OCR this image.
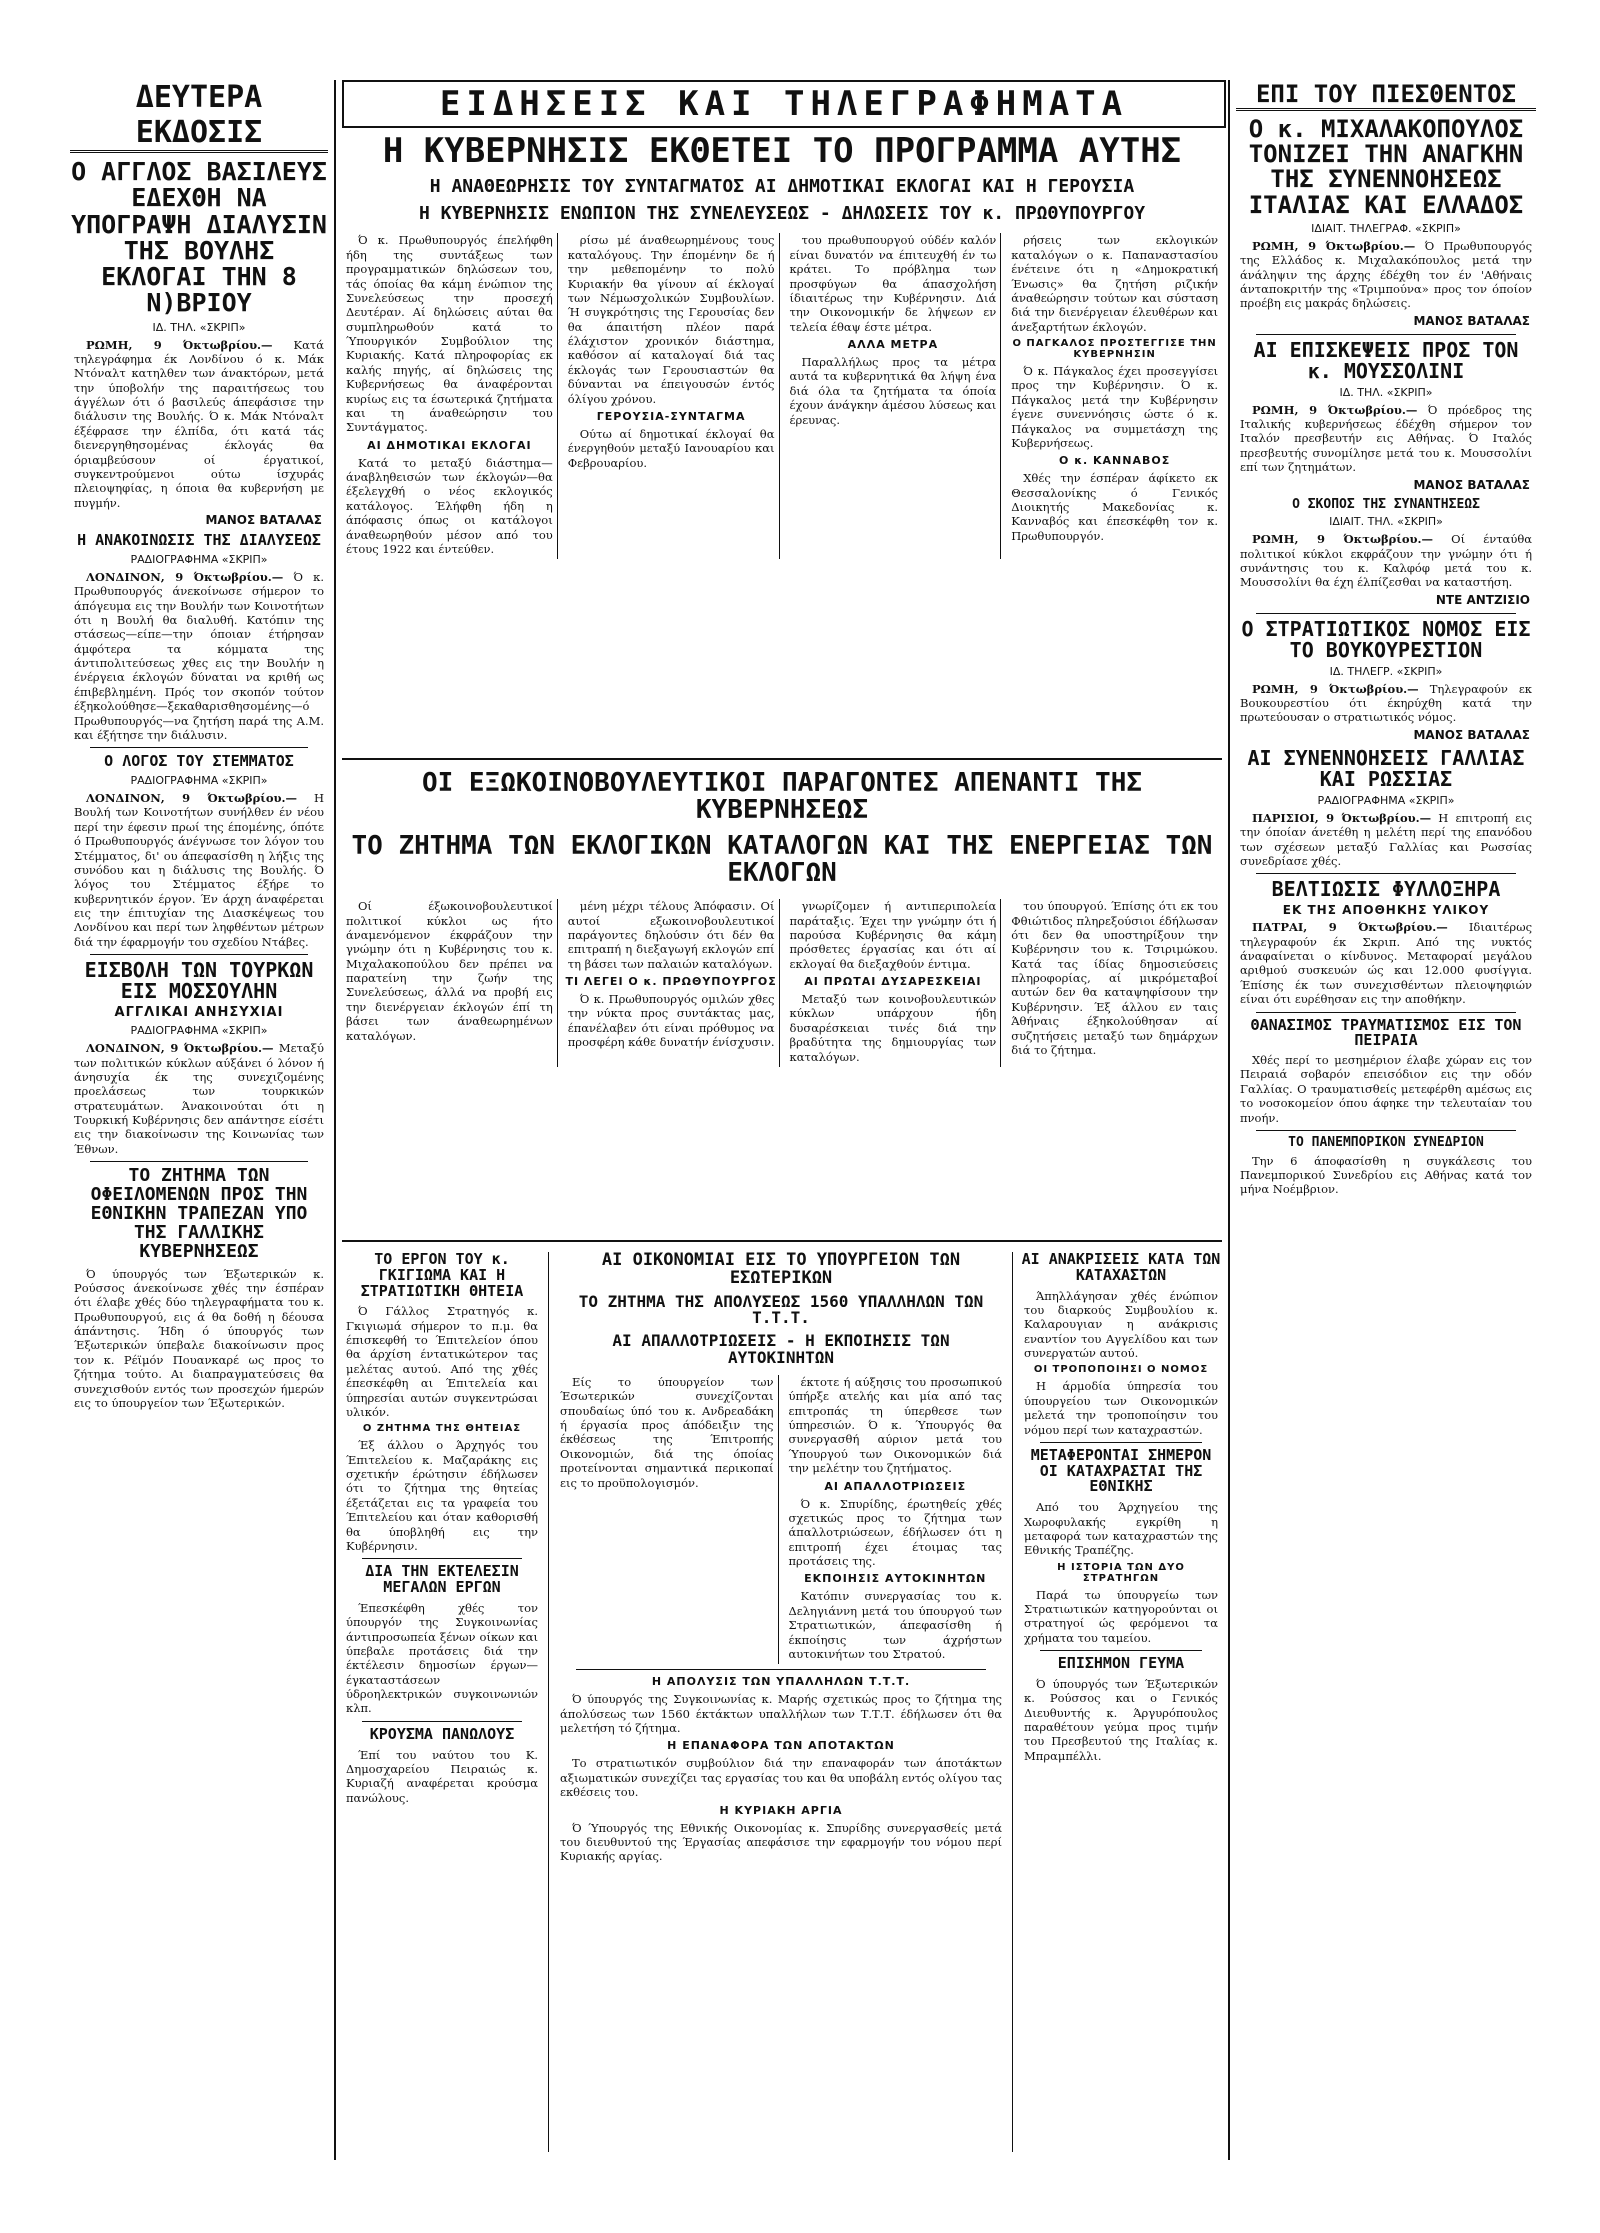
ΔΕΥΤΕΡΑ ΕΚΔΟΣΙΣ
Ο ΑΓΓΛΟΣ ΒΑΣΙΛΕΥΣ ΕΔΕΧΘΗ ΝΑ ΥΠΟΓΡΑΨΗ ΔΙΑΛΥΣΙΝ ΤΗΣ ΒΟΥΛΗΣ ΕΚΛΟΓΑΙ ΤΗΝ 8 Ν)ΒΡΙΟΥ
ΙΔ. ΤΗΛ. «ΣΚΡΙΠ»

ΡΩΜΗ, 9 Όκτωβρίου.— Κατά τηλεγράφημα έκ Λονδίνου ό κ. Μάκ Ντόναλτ κατηλθεν των άνακτόρων, μετά την ύποβολήν της παραιτήσεως του άγγέλων ότι ό βασιλεύς άπεφάσισε την διάλυσιν της Βουλής. Ό κ. Μάκ Ντόναλτ έξέφρασε την έλπίδα, ότι κατά τάς διενεργηθησομένας έκλογάς θα όριαμβεύσουν οί έργατικοί, συγκεντρούμενοι ούτω ίσχυράς πλειοψηφίας, η όποια θα κυβερνήση με πυγμήν.

ΜΑΝΟΣ ΒΑΤΑΛΑΣ
Η ΑΝΑΚΟΙΝΩΣΙΣ ΤΗΣ ΔΙΑΛΥΣΕΩΣ
ΡΑΔΙΟΓΡΑΦΗΜΑ «ΣΚΡΙΠ»

ΛΟΝΔΙΝΟΝ, 9 Όκτωβρίου.— Ό κ. Πρωθυπουργός άνεκοίνωσε σήμερον το άπόγευμα εις την Βουλήν των Κοινοτήτων ότι η Βουλή θα διαλυθή. Κατόπιν της στάσεως—είπε—την όποιαν έτήρησαν άμφότερα τα κόμματα της άντιπολιτεύσεως χθες εις την Βουλήν η ένέργεια έκλογών δύναται να κριθή ως έπιβεβλημένη. Πρός τον σκοπόν τούτον έξηκολούθησε—ξεκαθαρισθησομένης—ό Πρωθυπουργός—να ζητήση παρά της Α.Μ. και έξήτησε την διάλυσιν.

Ο ΛΟΓΟΣ ΤΟΥ ΣΤΕΜΜΑΤΟΣ
ΡΑΔΙΟΓΡΑΦΗΜΑ «ΣΚΡΙΠ»

ΛΟΝΔΙΝΟΝ, 9 Όκτωβρίου.— Η Βουλή των Κοινοτήτων συνήλθεν έν νέου περί την έφεσιν πρωί της έπομένης, όπότε ό Πρωθυπουργός άνέγνωσε τον λόγον του Στέμματος, δι' ου άπεφασίσθη η λήξις της συνόδου και η διάλυσις της Βουλής. Ό λόγος του Στέμματος έξήρε το κυβερνητικόν έργον. Έν άρχη άναφέρεται εις την έπιτυχίαν της Διασκέψεως του Λονδίνου και περί των ληφθέντων μέτρων διά την έφαρμογήν του σχεδίου Ντάβες.

ΕΙΣΒΟΛΗ ΤΩΝ ΤΟΥΡΚΩΝ ΕΙΣ ΜΟΣΣΟΥΛΗΝ
ΑΓΓΛΙΚΑΙ ΑΝΗΣΥΧΙΑΙ
ΡΑΔΙΟΓΡΑΦΗΜΑ «ΣΚΡΙΠ»

ΛΟΝΔΙΝΟΝ, 9 Όκτωβρίου.— Μεταξύ των πολιτικών κύκλων αύξάνει ό λόνον ή άνησυχία έκ της συνεχιζομένης προελάσεως των τουρκικών στρατευμάτων. Άνακοινούται ότι η Τουρκική Κυβέρνησις δεν απάντησε είσέτι εις την διακοίνωσιν της Κοινωνίας των Έθνων.

ΤΟ ΖΗΤΗΜΑ ΤΩΝ ΟΦΕΙΛΟΜΕΝΩΝ ΠΡΟΣ ΤΗΝ ΕΘΝΙΚΗΝ ΤΡΑΠΕΖΑΝ ΥΠΟ ΤΗΣ ΓΑΛΛΙΚΗΣ ΚΥΒΕΡΝΗΣΕΩΣ

Ό ύπουργός των Έξωτερικών κ. Ρούσσος άνεκοίνωσε χθές την έσπέραν ότι έλαβε χθές δύο τηλεγραφήματα του κ. Πρωθυπουργού, εις ά θα δοθή η δέουσα άπάντησις. Ήδη ό ύπουργός των Έξωτερικών ύπεβαλε διακοίνωσιν προς τον κ. Ρέϊμόν Πουανκαρέ ως προς το ζήτημα τούτο. Αι διαπραγματεύσεις θα συνεχισθούν εντός των προσεχών ήμερών εις το ύπουργείον των Έξωτερικών.

ΕΙΔΗΣΕΙΣ ΚΑΙ ΤΗΛΕΓΡΑΦΗΜΑΤΑ
Η ΚΥΒΕΡΝΗΣΙΣ ΕΚΘΕΤΕΙ ΤΟ ΠΡΟΓΡΑΜΜΑ ΑΥΤΗΣ
Η ΑΝΑΘΕΩΡΗΣΙΣ ΤΟΥ ΣΥΝΤΑΓΜΑΤΟΣ ΑΙ ΔΗΜΟΤΙΚΑΙ ΕΚΛΟΓΑΙ ΚΑΙ Η ΓΕΡΟΥΣΙΑ
Η ΚΥΒΕΡΝΗΣΙΣ ΕΝΩΠΙΟΝ ΤΗΣ ΣΥΝΕΛΕΥΣΕΩΣ - ΔΗΛΩΣΕΙΣ ΤΟΥ κ. ΠΡΩΘΥΠΟΥΡΓΟΥ

Ό κ. Πρωθυπουργός έπελήφθη ήδη της συντάξεως των προγραμματικών δηλώσεων του, τάς όποίας θα κάμη ένώπιον της Συνελεύσεως την προσεχή Δευτέραν. Αί δηλώσεις αύται θα συμπληρωθούν κατά το Ύπουργικόν Συμβούλιον της Κυριακής. Κατά πληροφορίας εκ καλής πηγής, αί δηλώσεις της Κυβερνήσεως θα άναφέρονται κυρίως εις τα έσωτερικά ζητήματα και τη άναθεώρησιν του Συντάγματος.

ΑΙ ΔΗΜΟΤΙΚΑΙ ΕΚΛΟΓΑΙ

Κατά το μεταξύ διάστημα—άναβληθεισών των έκλογών—θα έξελεγχθή ο νέος εκλογικός κατάλογος. Έλήφθη ήδη η άπόφασις όπως οι κατάλογοι άναθεωρηθούν μέσον από του έτους 1922 και έντεύθεν.

ρίσω μέ άναθεωρημένους τους καταλόγους. Την έπομένην δε ή την μεθεπομένην το πολύ Κυριακήν θα γίνουν αί έκλογαί των Νέμωσχολικών Συμβουλίων. Ή συγκρότησις της Γερουσίας δεν θα άπαιτήση πλέον παρά έλάχιστον χρονικόν διάστημα, καθόσον αί καταλογαί διά τας έκλογάς των Γερουσιαστών θα δύνανται να έπειγουσών έντός όλίγου χρόνου.

ΓΕΡΟΥΣΙΑ-ΣΥΝΤΑΓΜΑ

Ούτω αί δημοτικαί έκλογαί θα ένεργηθούν μεταξύ Ιανουαρίου και Φεβρουαρίου.

του πρωθυπουργού ούδέν καλόν είναι δυνατόν να έπιτευχθή έν τω κράτει. Το πρόβλημα των προσφύγων θα άπασχολήση ίδιαιτέρως την Κυβέρνησιν. Διά την Οικονομικήν δε λήψεων εν τελεία έθαψ έστε μέτρα.

ΑΛΛΑ ΜΕΤΡΑ

Παραλλήλως προς τα μέτρα αυτά τα κυβερνητικά θα λήψη ένα διά όλα τα ζητήματα τα όποία έχουν άνάγκην άμέσου λύσεως και έρευνας.

ρήσεις των εκλογικών καταλόγων ο κ. Παπαναστασίου ένέτεινε ότι η «Δημοκρατική Ένωσις» θα ζητήση ριζικήν άναθεώρησιν τούτων και σύσταση διά την διενέργειαν έλευθέρων και άνεξαρτήτων έκλογών.

Ο ΠΑΓΚΑΛΟΣ ΠΡΟΣΤΕΓΓΙΣΕ ΤΗΝ ΚΥΒΕΡΝΗΣΙΝ

Ό κ. Πάγκαλος έχει προσεγγίσει προς την Κυβέρνησιν. Ό κ. Πάγκαλος μετά την Κυβέρνησιν έγενε συνεννόησις ώστε ό κ. Πάγκαλος να συμμετάσχη της Κυβερνήσεως.

Ο κ. ΚΑΝΝΑΒΟΣ

Χθές την έσπέραν άφίκετο εκ Θεσσαλονίκης ό Γενικός Διοικητής Μακεδονίας κ. Κανναβός και έπεσκέφθη τον κ. Πρωθυπουργόν.

ΟΙ ΕΞΩΚΟΙΝΟΒΟΥΛΕΥΤΙΚΟΙ ΠΑΡΑΓΟΝΤΕΣ ΑΠΕΝΑΝΤΙ ΤΗΣ ΚΥΒΕΡΝΗΣΕΩΣ
ΤΟ ΖΗΤΗΜΑ ΤΩΝ ΕΚΛΟΓΙΚΩΝ ΚΑΤΑΛΟΓΩΝ ΚΑΙ ΤΗΣ ΕΝΕΡΓΕΙΑΣ ΤΩΝ ΕΚΛΟΓΩΝ

Οί έξωκοινοβουλευτικοί πολιτικοί κύκλοι ως ήτο άναμενόμενον έκφράζουν την γνώμην ότι η Κυβέρνησις του κ. Μιχαλακοπούλου δεν πρέπει να παρατείνη την ζωήν της Συνελεύσεως, άλλά να προβή εις την διενέργειαν έκλογών έπί τη βάσει των άναθεωρημένων καταλόγων.

μένη μέχρι τέλους Άπόφασιν. Οί αυτοί εξωκοινοβουλευτικοί παράγοντες δηλούσιν ότι δέν θα επιτραπή η διεξαγωγή εκλογών επί τη βάσει των παλαιών καταλόγων.

ΤΙ ΛΕΓΕΙ Ο κ. ΠΡΩΘΥΠΟΥΡΓΟΣ

Ό κ. Πρωθυπουργός ομιλών χθες την νύκτα προς συντάκτας μας, έπανέλαβεν ότι είναι πρόθυμος να προσφέρη κάθε δυνατήν ένίσχυσιν.

γνωρίζομεν ή αντιπεριπολεία παράταξις. Έχει την γνώμην ότι ή παρούσα Κυβέρνησις θα κάμη πρόσθετες έργασίας και ότι αί εκλογαί θα διεξαχθούν έντιμα.

ΑΙ ΠΡΩΤΑΙ ΔΥΣΑΡΕΣΚΕΙΑΙ

Μεταξύ των κοινοβουλευτικών κύκλων υπάρχουν ήδη δυσαρέσκειαι τινές διά την βραδύτητα της δημιουργίας των καταλόγων.

του ύπουργού. Έπίσης ότι εκ του Φθιώτιδος πληρεξούσιοι έδήλωσαν ότι δεν θα υποστηρίξουν την Κυβέρνησιν του κ. Τσιριμώκου. Κατά τας ίδίας δημοσιεύσεις πληροφορίας, αί μικρόμεταβοί αυτών δεν θα καταψηφίσουν την Κυβέρνησιν. Έξ άλλου εν ταις Άθήναις έξηκολούθησαν αί συζητήσεις μεταξύ των δημάρχων διά το ζήτημα.

ΤΟ ΕΡΓΟΝ ΤΟΥ κ. ΓΚΙΓΙΩΜΑ ΚΑΙ Η ΣΤΡΑΤΙΩΤΙΚΗ ΘΗΤΕΙΑ

Ό Γάλλος Στρατηγός κ. Γκιγιωμά σήμερον το π.μ. θα έπισκεφθή το Έπιτελείον όπου θα άρχίση έντατικώτερον τας μελέτας αυτού. Από της χθές έπεσκέφθη αι Έπιτελεία και ύπηρεσίαι αυτών συγκεντρώσαι υλικόν.

Ο ΖΗΤΗΜΑ ΤΗΣ ΘΗΤΕΙΑΣ

Έξ άλλου ο Άρχηγός του Έπιτελείου κ. Μαζαράκης εις σχετικήν έρώτησιν έδήλωσεν ότι το ζήτημα της θητείας έξετάζεται εις τα γραφεία του Έπιτελείου και όταν καθορισθή θα ύποβληθή εις την Κυβέρνησιν.

ΔΙΑ ΤΗΝ ΕΚΤΕΛΕΣΙΝ ΜΕΓΑΛΩΝ ΕΡΓΩΝ

Έπεσκέφθη χθές τον ύπουργόν της Συγκοινωνίας άντιπροσωπεία ξένων οίκων και ύπεβαλε προτάσεις διά την έκτέλεσιν δημοσίων έργων—έγκαταστάσεων ύδροηλεκτρικών συγκοινωνιών κλπ.

ΚΡΟΥΣΜΑ ΠΑΝΩΛΟΥΣ

Έπί του ναύτου του Κ. Δημοσχαρείου Πειραιώς κ. Κυριαζή αναφέρεται κρούσμα πανώλους.

ΑΙ ΟΙΚΟΝΟΜΙΑΙ ΕΙΣ ΤΟ ΥΠΟΥΡΓΕΙΟΝ ΤΩΝ ΕΣΩΤΕΡΙΚΩΝ
ΤΟ ΖΗΤΗΜΑ ΤΗΣ ΑΠΟΛΥΣΕΩΣ 1560 ΥΠΑΛΛΗΛΩΝ ΤΩΝ Τ.Τ.Τ.
ΑΙ ΑΠΑΛΛΟΤΡΙΩΣΕΙΣ - Η ΕΚΠΟΙΗΣΙΣ ΤΩΝ ΑΥΤΟΚΙΝΗΤΩΝ

Είς το ύπουργείον των Έσωτερικών συνεχίζονται σπουδαίως ύπό του κ. Ανδρεαδάκη ή έργασία προς άπόδειξιν της έκθέσεως της Έπιτροπής Οικονομιών, διά της όποίας προτείνονται σημαντικά περικοπαί εις το προϋπολογισμόν.

έκτοτε ή αύξησις του προσωπικού ύπήρξε ατελής και μία από τας επιτροπάς τη ύπερθεσε των ύπηρεσιών. Ό κ. Ύπουργός θα συνεργασθή αύριον μετά του Ύπουργού των Οικονομικών διά την μελέτην του ζητήματος.

ΑΙ ΑΠΑΛΛΟΤΡΙΩΣΕΙΣ

Ό κ. Σπυρίδης, έρωτηθείς χθές σχετικώς προς το ζήτημα των άπαλλοτριώσεων, έδήλωσεν ότι η επιτροπή έχει έτοιμας τας προτάσεις της.

ΕΚΠΟΙΗΣΙΣ ΑΥΤΟΚΙΝΗΤΩΝ

Κατόπιν συνεργασίας του κ. Δεληγιάννη μετά του ύπουργού των Στρατιωτικών, άπεφασίσθη ή έκποίησις των άχρήστων αυτοκινήτων του Στρατού.

Η ΑΠΟΛΥΣΙΣ ΤΩΝ ΥΠΑΛΛΗΛΩΝ Τ.Τ.Τ.

Ό ύπουργός της Συγκοινωνίας κ. Μαρής σχετικώς προς το ζήτημα της άπολύσεως των 1560 έκτάκτων υπαλλήλων των Τ.Τ.Τ. έδήλωσεν ότι θα μελετήση τό ζήτημα.

Η ΕΠΑΝΑΦΟΡΑ ΤΩΝ ΑΠΟΤΑΚΤΩΝ

Το στρατιωτικόν συμβούλιον διά την επαναφοράν των άποτάκτων αξιωματικών συνεχίζει τας εργασίας του και θα υποβάλη εντός ολίγου τας εκθέσεις του.

Η ΚΥΡΙΑΚΗ ΑΡΓΙΑ

Ό Ύπουργός της Εθνικής Οικονομίας κ. Σπυρίδης συνεργασθείς μετά του διευθυντού της Έργασίας απεφάσισε την εφαρμογήν του νόμου περί Κυριακής αργίας.

ΑΙ ΑΝΑΚΡΙΣΕΙΣ ΚΑΤΑ ΤΩΝ ΚΑΤΑΧΑΣΤΩΝ

Άπηλλάγησαν χθές ένώπιον του διαρκούς Συμβουλίου κ. Καλαρουγιαν η ανάκρισις εναντίον του Αγγελίδου και των συνεργατών αυτού.

ΟΙ ΤΡΟΠΟΠΟΙΗΣΙ Ο ΝΟΜΟΣ

Η άρμοδία ύπηρεσία του ύπουργείου των Οικονομικών μελετά την τροποποίησιν του νόμου περί των καταχραστών.

ΜΕΤΑΦΕΡΟΝΤΑΙ ΣΗΜΕΡΟΝ ΟΙ ΚΑΤΑΧΡΑΣΤΑΙ ΤΗΣ ΕΘΝΙΚΗΣ

Από του Άρχηγείου της Χωροφυλακής εγκρίθη η μεταφορά των καταχραστών της Εθνικής Τραπέζης.

Η ΙΣΤΟΡΙΑ ΤΩΝ ΔΥΟ ΣΤΡΑΤΗΓΩΝ

Παρά τω ύπουργείω των Στρατιωτικών κατηγορούνται οι στρατηγοί ώς φερόμενοι τα χρήματα του ταμείου.

ΕΠΙΣΗΜΟΝ ΓΕΥΜΑ

Ό ύπουργός των Έξωτερικών κ. Ρούσσος και ο Γενικός Διευθυντής κ. Άργυρόπουλος παραθέτουν γεύμα προς τιμήν του Πρεσβευτού της Ιταλίας κ. Μπραμπέλλι.

ΕΠΙ ΤΟΥ ΠΙΕΣΘΕΝΤΟΣ
Ο κ. ΜΙΧΑΛΑΚΟΠΟΥΛΟΣ ΤΟΝΙΖΕΙ ΤΗΝ ΑΝΑΓΚΗΝ ΤΗΣ ΣΥΝΕΝΝΟΗΣΕΩΣ ΙΤΑΛΙΑΣ ΚΑΙ ΕΛΛΑΔΟΣ
ΙΔΙΑΙΤ. ΤΗΛΕΓΡΑΦ. «ΣΚΡΙΠ»

ΡΩΜΗ, 9 Όκτωβρίου.— Ό Πρωθυπουργός της Ελλάδος κ. Μιχαλακόπουλος μετά την άνάληψιν της άρχης έδέχθη τον έν 'Αθήναις άνταποκριτήν της «Τριμπούνα» προς τον όποίον προέβη εις μακράς δηλώσεις.

ΜΑΝΟΣ ΒΑΤΑΛΑΣ
ΑΙ ΕΠΙΣΚΕΨΕΙΣ ΠΡΟΣ ΤΟΝ κ. ΜΟΥΣΣΟΛΙΝΙ
ΙΔ. ΤΗΛ. «ΣΚΡΙΠ»

ΡΩΜΗ, 9 Όκτωβρίου.— Ό πρόεδρος της Ιταλικής κυβερνήσεως έδέχθη σήμερον τον Ιταλόν πρεσβευτήν εις Αθήνας. Ό Ιταλός πρεσβευτής συνομίλησε μετά του κ. Μουσσολίνι επί των ζητημάτων.

ΜΑΝΟΣ ΒΑΤΑΛΑΣ
Ο ΣΚΟΠΟΣ ΤΗΣ ΣΥΝΑΝΤΗΣΕΩΣ
ΙΔΙΑΙΤ. ΤΗΛ. «ΣΚΡΙΠ»

ΡΩΜΗ, 9 Όκτωβρίου.— Οί ένταύθα πολιτικοί κύκλοι εκφράζουν την γνώμην ότι ή συνάντησις του κ. Καλφόφ μετά του κ. Μουσσολίνι θα έχη έλπίζεσθαι να καταστήση.

ΝΤΕ ΑΝΤΖΙΣΙΟ
Ο ΣΤΡΑΤΙΩΤΙΚΟΣ ΝΟΜΟΣ ΕΙΣ ΤΟ ΒΟΥΚΟΥΡΕΣΤΙΟΝ
ΙΔ. ΤΗΛΕΓΡ. «ΣΚΡΙΠ»

ΡΩΜΗ, 9 Όκτωβρίου.— Τηλεγραφούν εκ Βουκουρεστίου ότι έκηρύχθη κατά την πρωτεύουσαν ο στρατιωτικός νόμος.

ΜΑΝΟΣ ΒΑΤΑΛΑΣ
ΑΙ ΣΥΝΕΝΝΟΗΣΕΙΣ ΓΑΛΛΙΑΣ ΚΑΙ ΡΩΣΣΙΑΣ
ΡΑΔΙΟΓΡΑΦΗΜΑ «ΣΚΡΙΠ»

ΠΑΡΙΣΙΟΙ, 9 Όκτωβρίου.— Η επιτροπή εις την όποίαν άνετέθη η μελέτη περί της επανόδου των σχέσεων μεταξύ Γαλλίας και Ρωσσίας συνεδρίασε χθές.

ΒΕΛΤΙΩΣΙΣ ΦΥΛΛΟΞΗΡΑ
ΕΚ ΤΗΣ ΑΠΟΘΗΚΗΣ ΥΛΙΚΟΥ

ΠΑΤΡΑΙ, 9 Όκτωβρίου.— Ιδιαιτέρως τηλεγραφούν έκ Σκριπ. Από της νυκτός άναφαίνεται ο κίνδυνος. Μεταφοραί μεγάλου αριθμού συσκευών ώς και 12.000 φυσίγγια. Έπίσης έκ των συνεχισθέντων πλειοψηφιών είναι ότι ευρέθησαν εις την αποθήκην.

ΘΑΝΑΣΙΜΟΣ ΤΡΑΥΜΑΤΙΣΜΟΣ ΕΙΣ ΤΟΝ ΠΕΙΡΑΙΑ

Χθές περί το μεσημέριον έλαβε χώραν εις τον Πειραιά σοβαρόν επεισόδιον εις την οδόν Γαλλίας. Ο τραυματισθείς μετεφέρθη αμέσως εις το νοσοκομείον όπου άφηκε την τελευταίαν του πνοήν.

ΤΟ ΠΑΝΕΜΠΟΡΙΚΟΝ ΣΥΝΕΔΡΙΟΝ

Την 6 άποφασίσθη η συγκάλεσις του Πανεμπορικού Συνεδρίου εις Αθήνας κατά τον μήνα Νοέμβριον.
